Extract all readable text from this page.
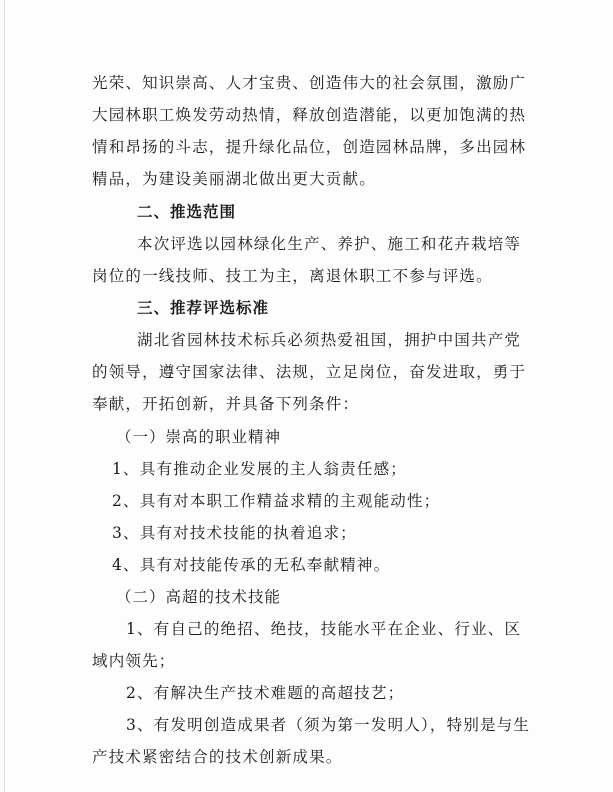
光荣、知识崇高、人才宝贵、创造伟大的社会氛围，激励广
大园林职工焕发劳动热情，释放创造潜能，以更加饱满的热
情和昂扬的斗志，提升绿化品位，创造园林品牌，多出园林
精品，为建设美丽湖北做出更大贡献。
二、推选范围
本次评选以园林绿化生产、养护、施工和花卉栽培等
岗位的一线技师、技工为主，离退休职工不参与评选。
三、推荐评选标准
湖北省园林技术标兵必须热爱祖国，拥护中国共产党
的领导，遵守国家法律、法规，立足岗位，奋发进取，勇于
奉献，开拓创新，并具备下列条件：
（一）崇高的职业精神
1、具有推动企业发展的主人翁责任感；
2、具有对本职工作精益求精的主观能动性；
3、具有对技术技能的执着追求；
4、具有对技能传承的无私奉献精神。
（二）高超的技术技能
1、有自己的绝招、绝技，技能水平在企业、行业、区
域内领先；
2、有解决生产技术难题的高超技艺；
3、有发明创造成果者（须为第一发明人），特别是与生
产技术紧密结合的技术创新成果。
